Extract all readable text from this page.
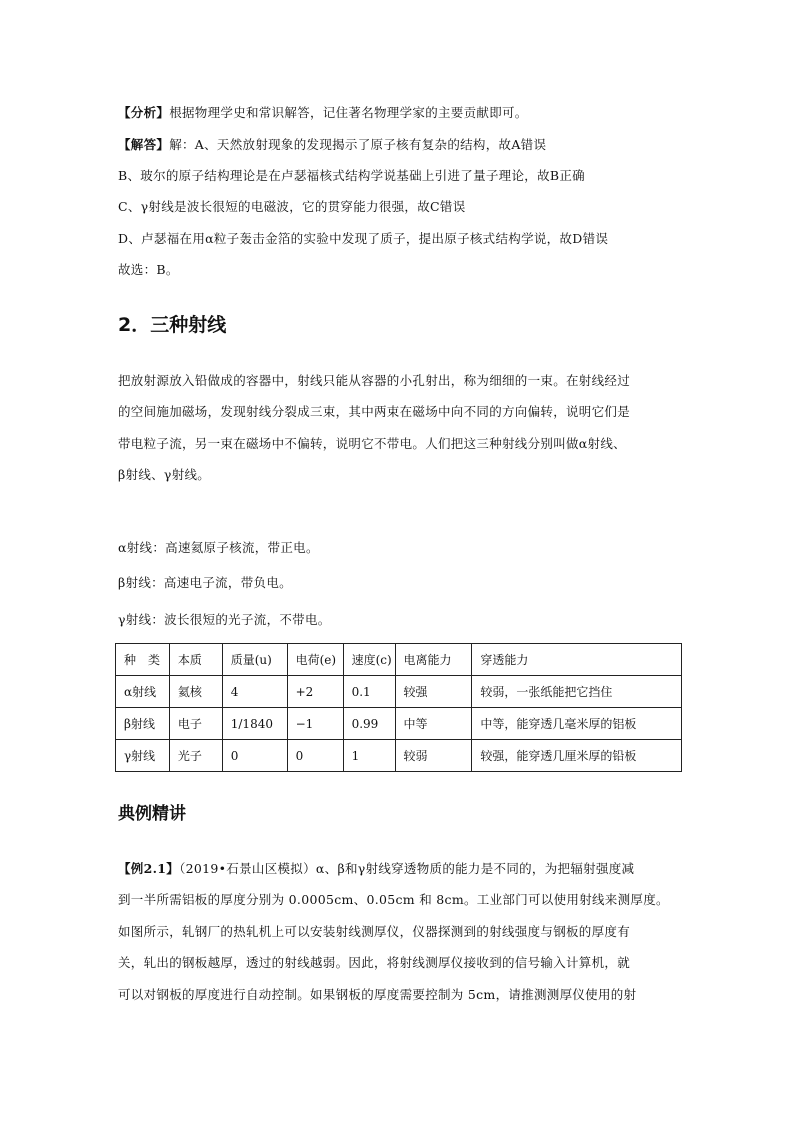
【分析】根据物理学史和常识解答，记住著名物理学家的主要贡献即可。
【解答】解：A、天然放射现象的发现揭示了原子核有复杂的结构，故A错误
B、玻尔的原子结构理论是在卢瑟福核式结构学说基础上引进了量子理论，故B正确
C、γ射线是波长很短的电磁波，它的贯穿能力很强，故C错误
D、卢瑟福在用α粒子轰击金箔的实验中发现了质子，提出原子核式结构学说，故D错误
故选：B。
2．三种射线
把放射源放入铅做成的容器中，射线只能从容器的小孔射出，称为细细的一束。在射线经过
的空间施加磁场，发现射线分裂成三束，其中两束在磁场中向不同的方向偏转，说明它们是
带电粒子流，另一束在磁场中不偏转，说明它不带电。人们把这三种射线分别叫做α射线、
β射线、γ射线。
α射线：高速氦原子核流，带正电。
β射线：高速电子流，带负电。
γ射线：波长很短的光子流，不带电。
种　类	本质	质量(u)	电荷(e)	速度(c)	电离能力	穿透能力
α射线	氦核	4	+2	0.1	较强	较弱，一张纸能把它挡住
β射线	电子	1/1840	−1	0.99	中等	中等，能穿透几毫米厚的铝板
γ射线	光子	0	0	1	较弱	较强，能穿透几厘米厚的铅板
典例精讲
【例2.1】（2019•石景山区模拟）α、β和γ射线穿透物质的能力是不同的，为把辐射强度减
到一半所需铝板的厚度分别为 0.0005cm、0.05cm 和 8cm。工业部门可以使用射线来测厚度。
如图所示，轧钢厂的热轧机上可以安装射线测厚仪，仪器探测到的射线强度与钢板的厚度有
关，轧出的钢板越厚，透过的射线越弱。因此，将射线测厚仪接收到的信号输入计算机，就
可以对钢板的厚度进行自动控制。如果钢板的厚度需要控制为 5cm，请推测测厚仪使用的射
